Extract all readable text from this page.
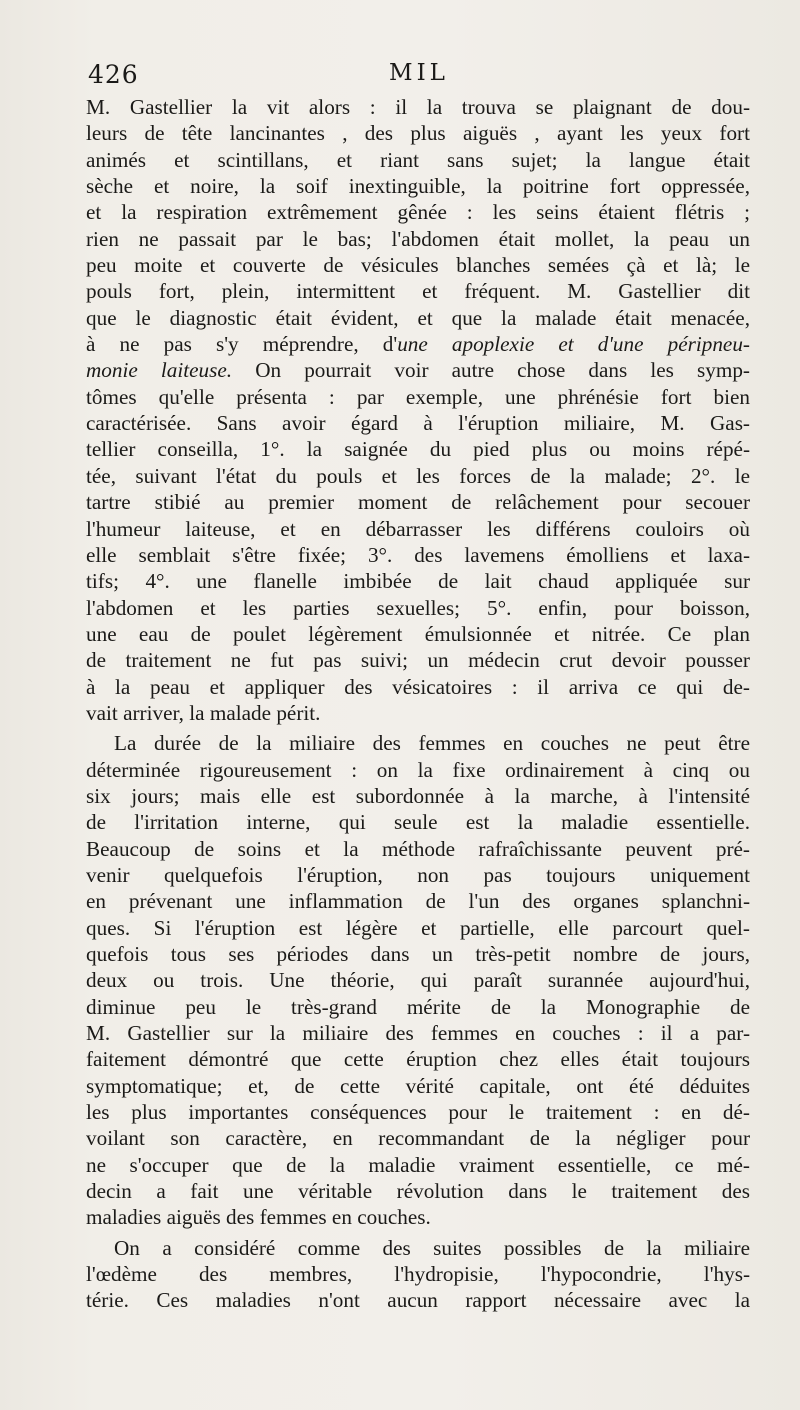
426	MIL
M. Gastellier la vit alors : il la trouva se plaignant de dou-
leurs de tête lancinantes , des plus aiguës , ayant les yeux fort
animés et scintillans, et riant sans sujet; la langue était
sèche et noire, la soif inextinguible, la poitrine fort oppressée,
et la respiration extrêmement gênée : les seins étaient flétris ;
rien ne passait par le bas; l'abdomen était mollet, la peau un
peu moite et couverte de vésicules blanches semées çà et là; le
pouls fort, plein, intermittent et fréquent. M. Gastellier dit
que le diagnostic était évident, et que la malade était menacée,
à ne pas s'y méprendre, d'une apoplexie et d'une péripneu-
monie laiteuse. On pourrait voir autre chose dans les symp-
tômes qu'elle présenta : par exemple, une phrénésie fort bien
caractérisée. Sans avoir égard à l'éruption miliaire, M. Gas-
tellier conseilla, 1°. la saignée du pied plus ou moins répé-
tée, suivant l'état du pouls et les forces de la malade; 2°. le
tartre stibié au premier moment de relâchement pour secouer
l'humeur laiteuse, et en débarrasser les différens couloirs où
elle semblait s'être fixée; 3°. des lavemens émolliens et laxa-
tifs; 4°. une flanelle imbibée de lait chaud appliquée sur
l'abdomen et les parties sexuelles; 5°. enfin, pour boisson,
une eau de poulet légèrement émulsionnée et nitrée. Ce plan
de traitement ne fut pas suivi; un médecin crut devoir pousser
à la peau et appliquer des vésicatoires : il arriva ce qui de-
vait arriver, la malade périt.
La durée de la miliaire des femmes en couches ne peut être
déterminée rigoureusement : on la fixe ordinairement à cinq ou
six jours; mais elle est subordonnée à la marche, à l'intensité
de l'irritation interne, qui seule est la maladie essentielle.
Beaucoup de soins et la méthode rafraîchissante peuvent pré-
venir quelquefois l'éruption, non pas toujours uniquement
en prévenant une inflammation de l'un des organes splanchni-
ques. Si l'éruption est légère et partielle, elle parcourt quel-
quefois tous ses périodes dans un très-petit nombre de jours,
deux ou trois. Une théorie, qui paraît surannée aujourd'hui,
diminue peu le très-grand mérite de la Monographie de
M. Gastellier sur la miliaire des femmes en couches : il a par-
faitement démontré que cette éruption chez elles était toujours
symptomatique; et, de cette vérité capitale, ont été déduites
les plus importantes conséquences pour le traitement : en dé-
voilant son caractère, en recommandant de la négliger pour
ne s'occuper que de la maladie vraiment essentielle, ce mé-
decin a fait une véritable révolution dans le traitement des
maladies aiguës des femmes en couches.
On a considéré comme des suites possibles de la miliaire
l'œdème des membres, l'hydropisie, l'hypocondrie, l'hys-
térie. Ces maladies n'ont aucun rapport nécessaire avec la
